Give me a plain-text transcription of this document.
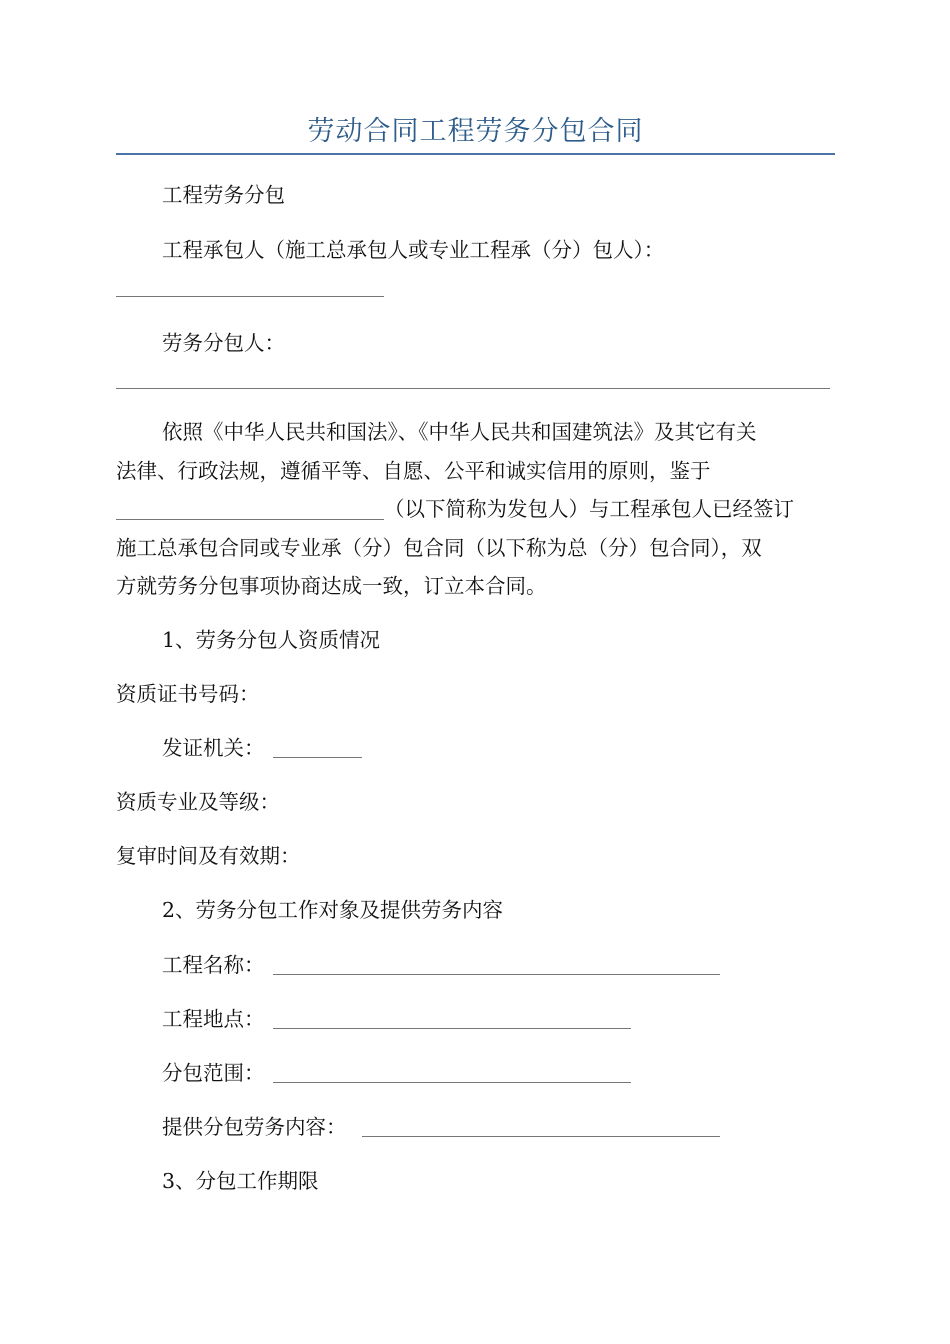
劳动合同工程劳务分包合同
工程劳务分包
工程承包人（施工总承包人或专业工程承（分）包人）：
劳务分包人：
依照《中华人民共和国法》、《中华人民共和国建筑法》及其它有关
法律、行政法规，遵循平等、自愿、公平和诚实信用的原则，鉴于
（以下简称为发包人）与工程承包人已经签订
施工总承包合同或专业承（分）包合同（以下称为总（分）包合同），双
方就劳务分包事项协商达成一致，订立本合同。
1、劳务分包人资质情况
资质证书号码：
发证机关：
资质专业及等级：
复审时间及有效期：
2、劳务分包工作对象及提供劳务内容
工程名称：
工程地点：
分包范围：
提供分包劳务内容：
3、分包工作期限
